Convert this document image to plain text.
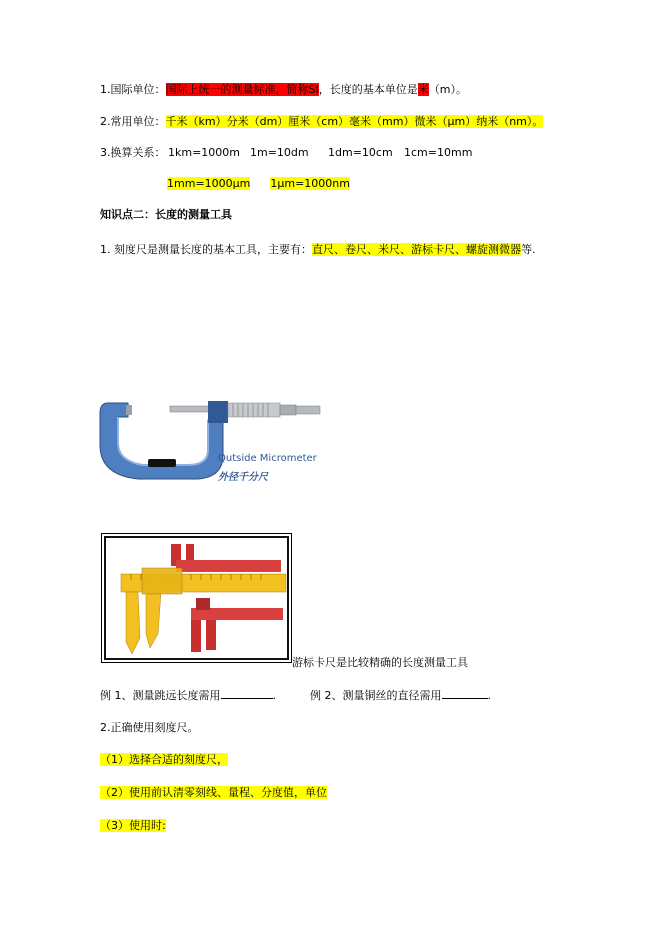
1.国际单位：国际上统一的测量标准，简称SI，长度的基本单位是米（m）。
2.常用单位：千米（km）分米（dm）厘米（cm）毫米（mm）微米（μm）纳米（nm）。
3.换算关系： 1km=1000m 1m=10dm 1dm=10cm 1cm=10mm
1mm=1000μm 1μm=1000nm
知识点二：长度的测量工具
1. 刻度尺是测量长度的基本工具，主要有：直尺、卷尺、米尺、游标卡尺、螺旋测微器等.
Qutside Micrometer
外径千分尺
游标卡尺是比较精确的长度测量工具
例 1、测量跳远长度需用	.	例 2、测量铜丝的直径需用	.
2.正确使用刻度尺。
（1）选择合适的刻度尺，
（2）使用前认清零刻线、量程、分度值，单位
（3）使用时:
